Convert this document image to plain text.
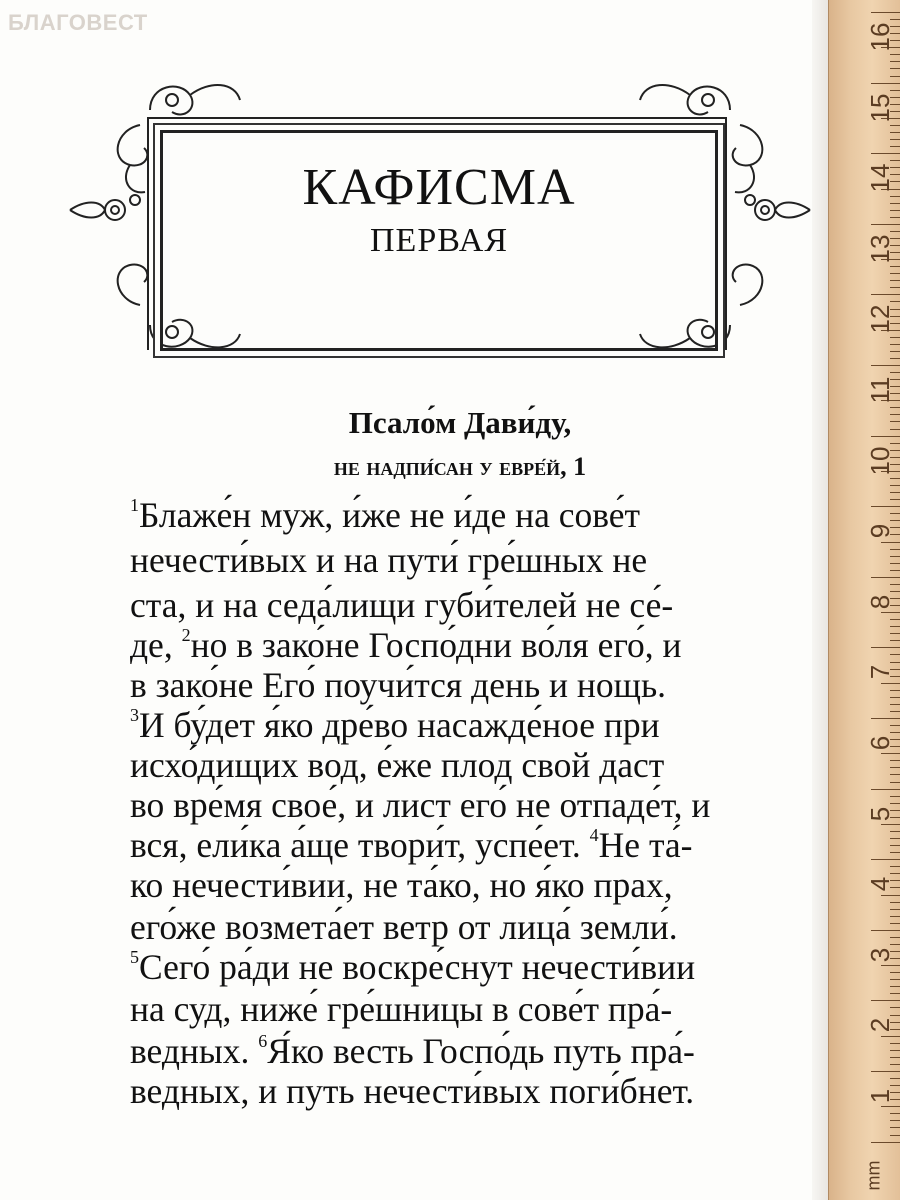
БЛАГОВЕСТ
КАФИСМА
ПЕРВАЯ
Псало́м Дави́ду,
не надпи́сан у евре́й, 1
$^1$Блаже́н муж, и́же не и́де на сове́т
нечести́вых и на пути́ гре́шных не
ста, и на седа́лищи губи́телей не се́-
де, $^2$но в зако́не Госпо́дни во́ля его́, и
в зако́не Его́ поучи́тся день и нощь.
$^3$И бу́дет я́ко дре́во насажде́ное при
исхо́дищих вод, е́же плод свой даст
во вре́мя свое́, и лист его́ не отпаде́т, и
вся, ели́ка а́ще твори́т, успе́ет. $^4$Не та́-
ко нечести́вии, не та́ко, но я́ко прах,
его́же возмета́ет ветр от лица́ земли́.
$^5$Сего́ ра́ди не воскре́снут нечести́вии
на суд, ниже́ гре́шницы в сове́т пра́-
ведных. $^6$Я́ко весть Госпо́дь путь пра́-
ведных, и путь нечести́вых поги́бнет.
mm
16
15
14
13
12
11
10
9
8
7
6
5
4
3
2
1
